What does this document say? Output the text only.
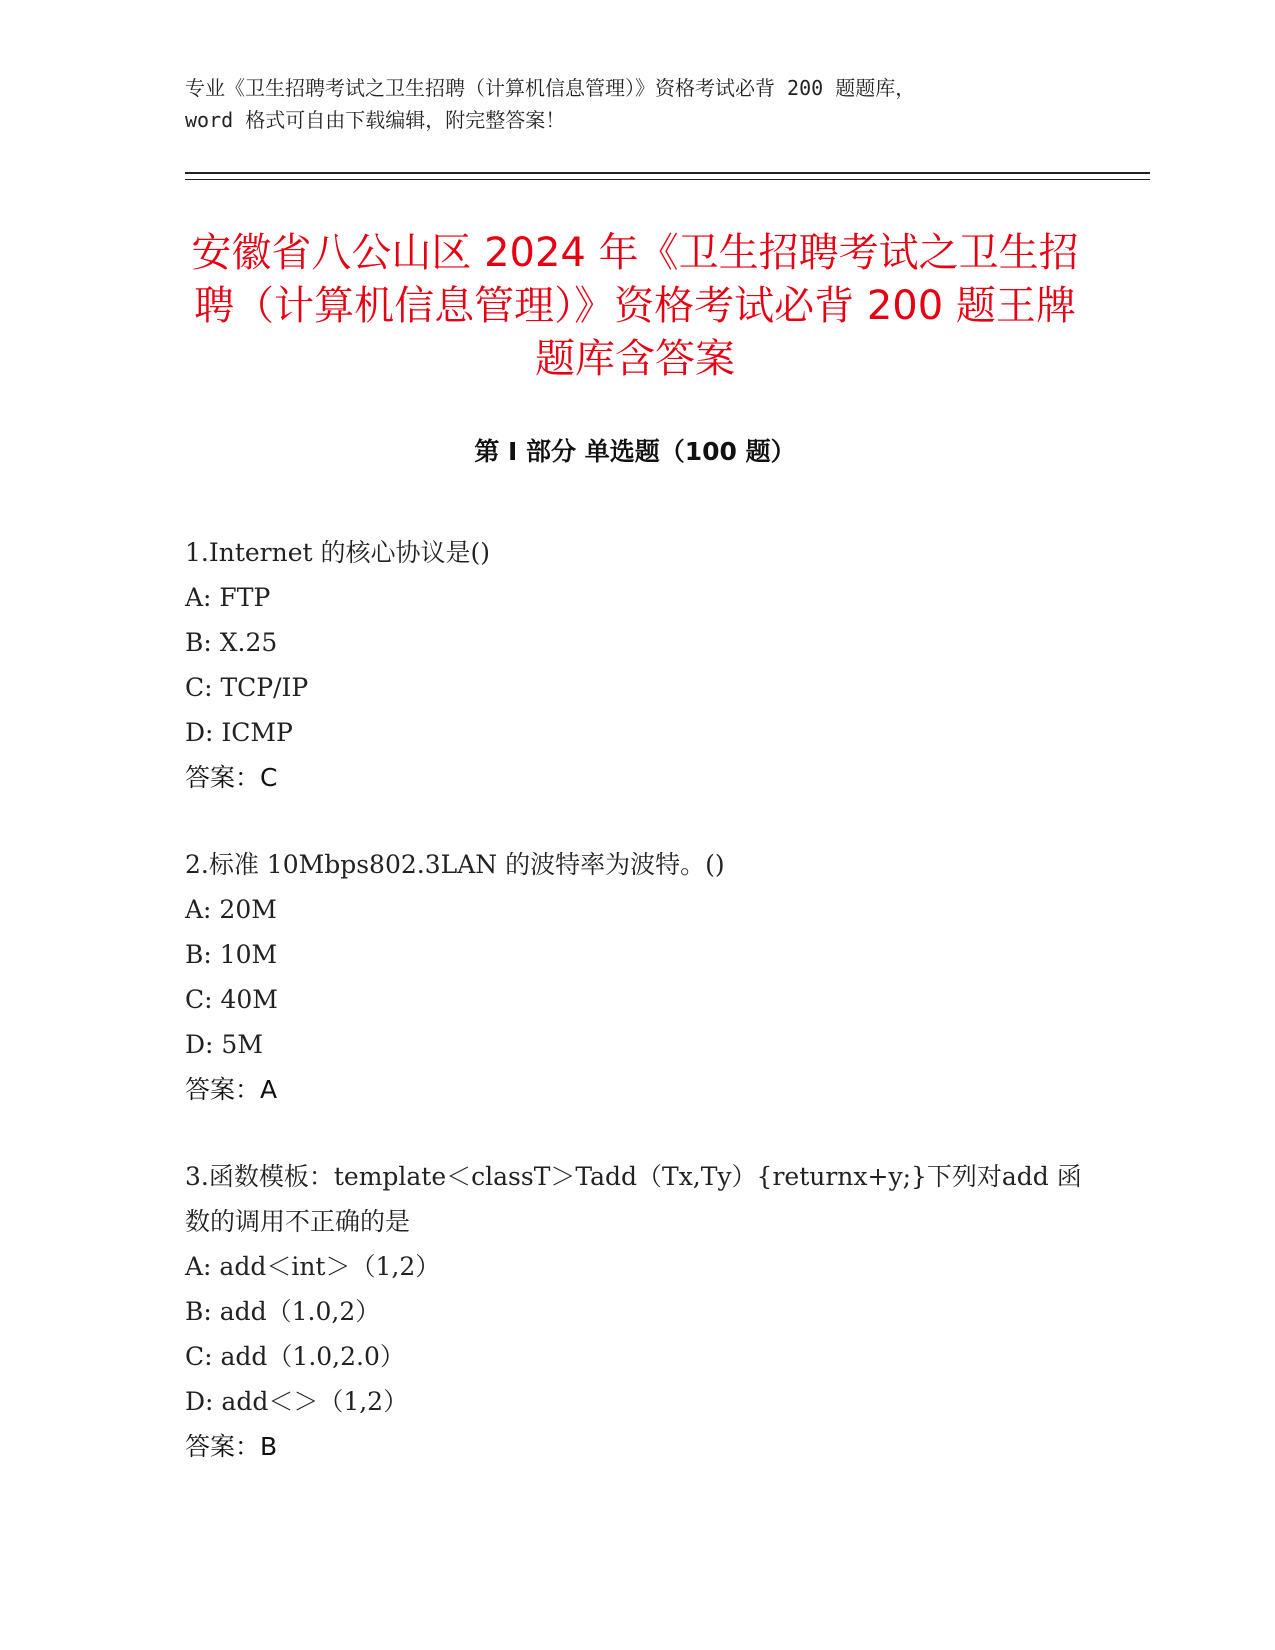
专业《卫生招聘考试之卫生招聘（计算机信息管理）》资格考试必背 200 题题库，

word 格式可自由下载编辑，附完整答案！

安徽省八公山区 2024 年《卫生招聘考试之卫生招聘（计算机信息管理）》资格考试必背 200 题王牌题库含答案
第 I 部分 单选题（100 题）

1.Internet 的核心协议是()

A: FTP

B: X.25

C: TCP/IP

D: ICMP

答案：C

2.标准 10Mbps802.3LAN 的波特率为波特。()

A: 20M

B: 10M

C: 40M

D: 5M

答案：A

3.函数模板：template＜classT＞Tadd（Tx,Ty）{returnx+y;}下列对add 函数的调用不正确的是

A: add＜int＞（1,2）

B: add（1.0,2）

C: add（1.0,2.0）

D: add＜＞（1,2）

答案：B
